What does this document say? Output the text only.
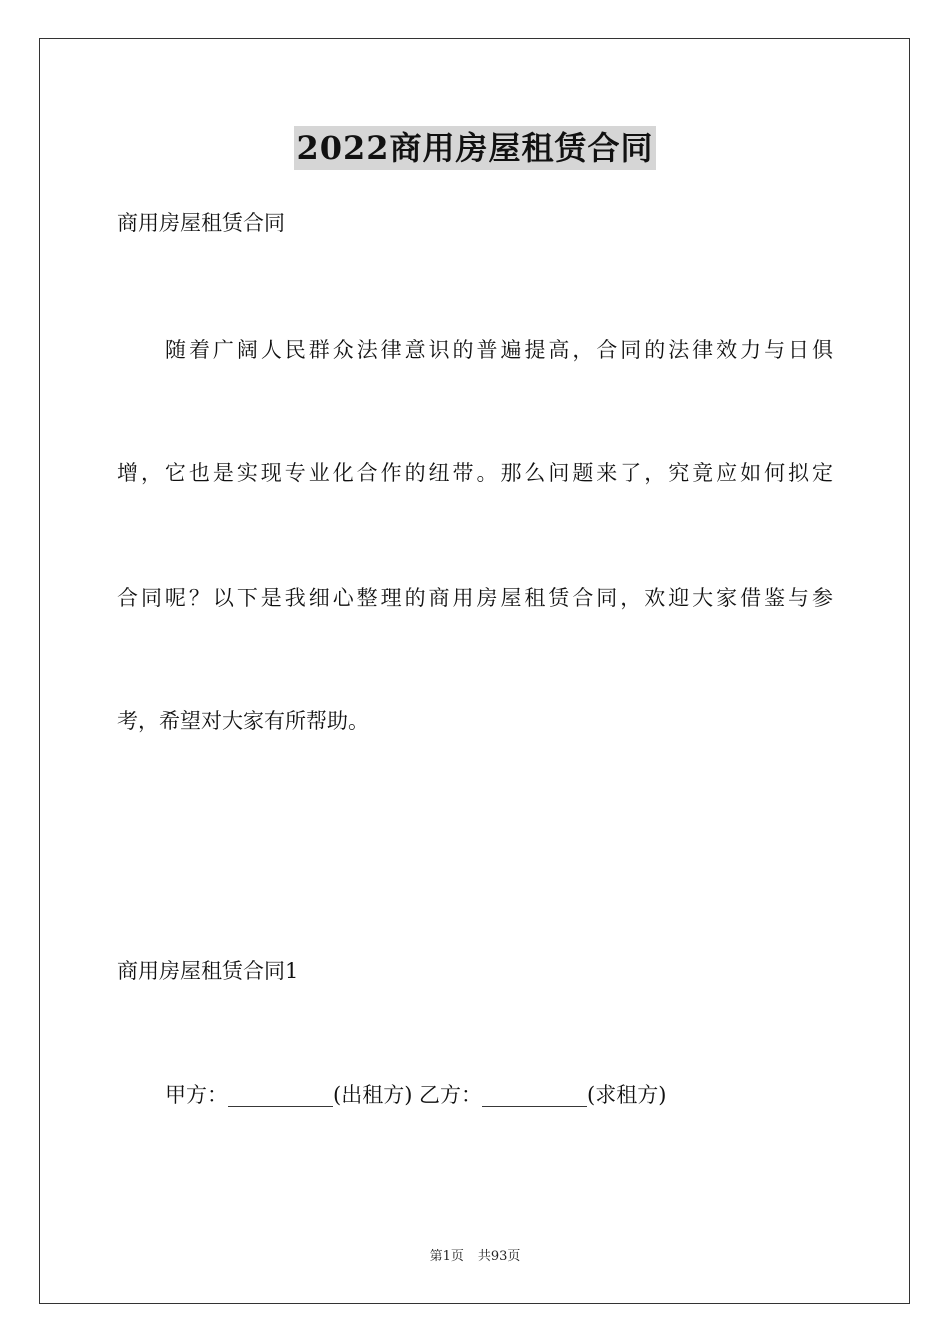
2022商用房屋租赁合同

商用房屋租赁合同

随着广阔人民群众法律意识的普遍提高，合同的法律效力与日俱

增，它也是实现专业化合作的纽带。那么问题来了，究竟应如何拟定

合同呢？以下是我细心整理的商用房屋租赁合同，欢迎大家借鉴与参

考，希望对大家有所帮助。

商用房屋租赁合同1

甲方：__________(出租方) 乙方：__________(求租方)

第1页 共93页
